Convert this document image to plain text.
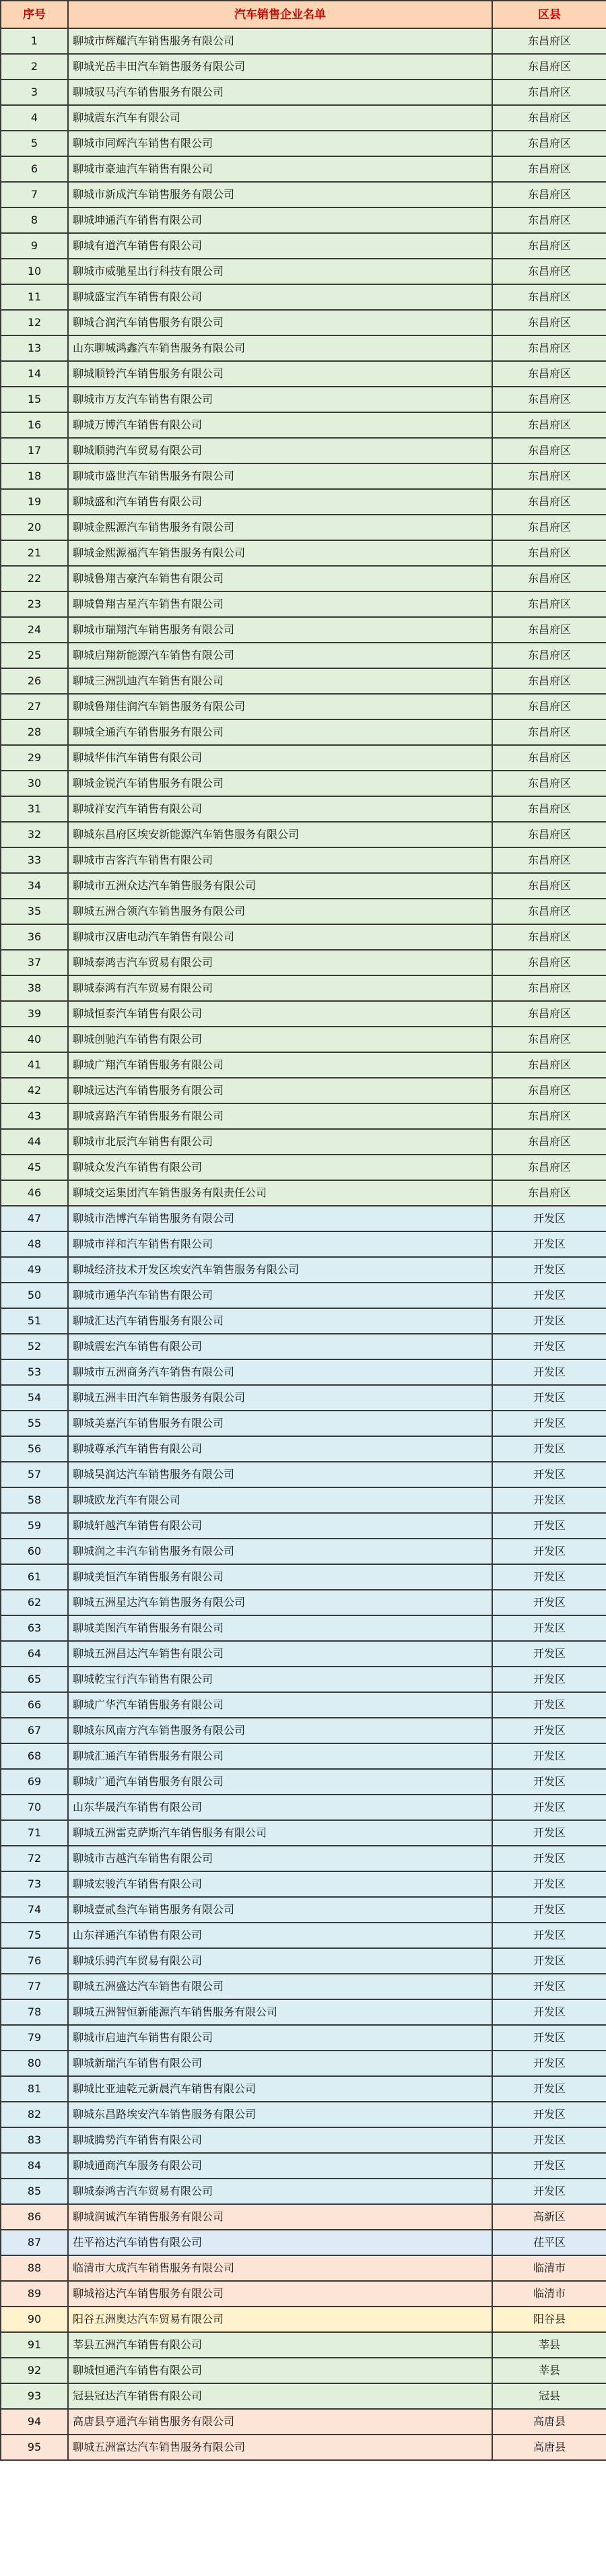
序号	汽车销售企业名单	区县
1	聊城市辉耀汽车销售服务有限公司	东昌府区
2	聊城光岳丰田汽车销售服务有限公司	东昌府区
3	聊城驭马汽车销售服务有限公司	东昌府区
4	聊城震东汽车有限公司	东昌府区
5	聊城市同辉汽车销售有限公司	东昌府区
6	聊城市豪迪汽车销售有限公司	东昌府区
7	聊城市新成汽车销售服务有限公司	东昌府区
8	聊城坤通汽车销售有限公司	东昌府区
9	聊城有道汽车销售有限公司	东昌府区
10	聊城市威驰星出行科技有限公司	东昌府区
11	聊城盛宝汽车销售有限公司	东昌府区
12	聊城合润汽车销售服务有限公司	东昌府区
13	山东聊城鸿鑫汽车销售服务有限公司	东昌府区
14	聊城顺铃汽车销售服务有限公司	东昌府区
15	聊城市万友汽车销售有限公司	东昌府区
16	聊城万博汽车销售有限公司	东昌府区
17	聊城顺骋汽车贸易有限公司	东昌府区
18	聊城市盛世汽车销售服务有限公司	东昌府区
19	聊城盛和汽车销售有限公司	东昌府区
20	聊城金熙源汽车销售服务有限公司	东昌府区
21	聊城金熙源福汽车销售服务有限公司	东昌府区
22	聊城鲁翔吉豪汽车销售有限公司	东昌府区
23	聊城鲁翔吉星汽车销售有限公司	东昌府区
24	聊城市瑞翔汽车销售服务有限公司	东昌府区
25	聊城启翔新能源汽车销售有限公司	东昌府区
26	聊城三洲凯迪汽车销售有限公司	东昌府区
27	聊城鲁翔佳润汽车销售服务有限公司	东昌府区
28	聊城全通汽车销售服务有限公司	东昌府区
29	聊城华伟汽车销售有限公司	东昌府区
30	聊城金锐汽车销售服务有限公司	东昌府区
31	聊城祥安汽车销售有限公司	东昌府区
32	聊城东昌府区埃安新能源汽车销售服务有限公司	东昌府区
33	聊城市吉客汽车销售有限公司	东昌府区
34	聊城市五洲众达汽车销售服务有限公司	东昌府区
35	聊城五洲合领汽车销售服务有限公司	东昌府区
36	聊城市汉唐电动汽车销售有限公司	东昌府区
37	聊城泰鸿吉汽车贸易有限公司	东昌府区
38	聊城泰鸿有汽车贸易有限公司	东昌府区
39	聊城恒泰汽车销售有限公司	东昌府区
40	聊城创驰汽车销售有限公司	东昌府区
41	聊城广翔汽车销售服务有限公司	东昌府区
42	聊城远达汽车销售服务有限公司	东昌府区
43	聊城喜路汽车销售服务有限公司	东昌府区
44	聊城市北辰汽车销售有限公司	东昌府区
45	聊城众发汽车销售有限公司	东昌府区
46	聊城交运集团汽车销售服务有限责任公司	东昌府区
47	聊城市浩博汽车销售服务有限公司	开发区
48	聊城市祥和汽车销售有限公司	开发区
49	聊城经济技术开发区埃安汽车销售服务有限公司	开发区
50	聊城市通华汽车销售有限公司	开发区
51	聊城汇达汽车销售服务有限公司	开发区
52	聊城震宏汽车销售有限公司	开发区
53	聊城市五洲商务汽车销售有限公司	开发区
54	聊城五洲丰田汽车销售服务有限公司	开发区
55	聊城美嘉汽车销售服务有限公司	开发区
56	聊城尊承汽车销售有限公司	开发区
57	聊城昊润达汽车销售服务有限公司	开发区
58	聊城欧龙汽车有限公司	开发区
59	聊城轩越汽车销售有限公司	开发区
60	聊城润之丰汽车销售服务有限公司	开发区
61	聊城美恒汽车销售服务有限公司	开发区
62	聊城五洲星达汽车销售服务有限公司	开发区
63	聊城美图汽车销售服务有限公司	开发区
64	聊城五洲昌达汽车销售有限公司	开发区
65	聊城乾宝行汽车销售有限公司	开发区
66	聊城广华汽车销售服务有限公司	开发区
67	聊城东风南方汽车销售服务有限公司	开发区
68	聊城汇通汽车销售服务有限公司	开发区
69	聊城广通汽车销售服务有限公司	开发区
70	山东华晟汽车销售有限公司	开发区
71	聊城五洲雷克萨斯汽车销售服务有限公司	开发区
72	聊城市吉越汽车销售有限公司	开发区
73	聊城宏骏汽车销售有限公司	开发区
74	聊城壹贰叁汽车销售服务有限公司	开发区
75	山东祥通汽车销售有限公司	开发区
76	聊城乐骋汽车贸易有限公司	开发区
77	聊城五洲盛达汽车销售有限公司	开发区
78	聊城五洲智恒新能源汽车销售服务有限公司	开发区
79	聊城市启迪汽车销售有限公司	开发区
80	聊城新瑞汽车销售有限公司	开发区
81	聊城比亚迪乾元新晨汽车销售有限公司	开发区
82	聊城东昌路埃安汽车销售服务有限公司	开发区
83	聊城腾势汽车销售有限公司	开发区
84	聊城通商汽车服务有限公司	开发区
85	聊城泰鸿吉汽车贸易有限公司	开发区
86	聊城润诚汽车销售服务有限公司	高新区
87	茌平裕达汽车销售有限公司	茌平区
88	临清市大成汽车销售服务有限公司	临清市
89	聊城裕达汽车销售服务有限公司	临清市
90	阳谷五洲奥达汽车贸易有限公司	阳谷县
91	莘县五洲汽车销售有限公司	莘县
92	聊城恒通汽车销售有限公司	莘县
93	冠县冠达汽车销售有限公司	冠县
94	高唐县亨通汽车销售服务有限公司	高唐县
95	聊城五洲富达汽车销售服务有限公司	高唐县
